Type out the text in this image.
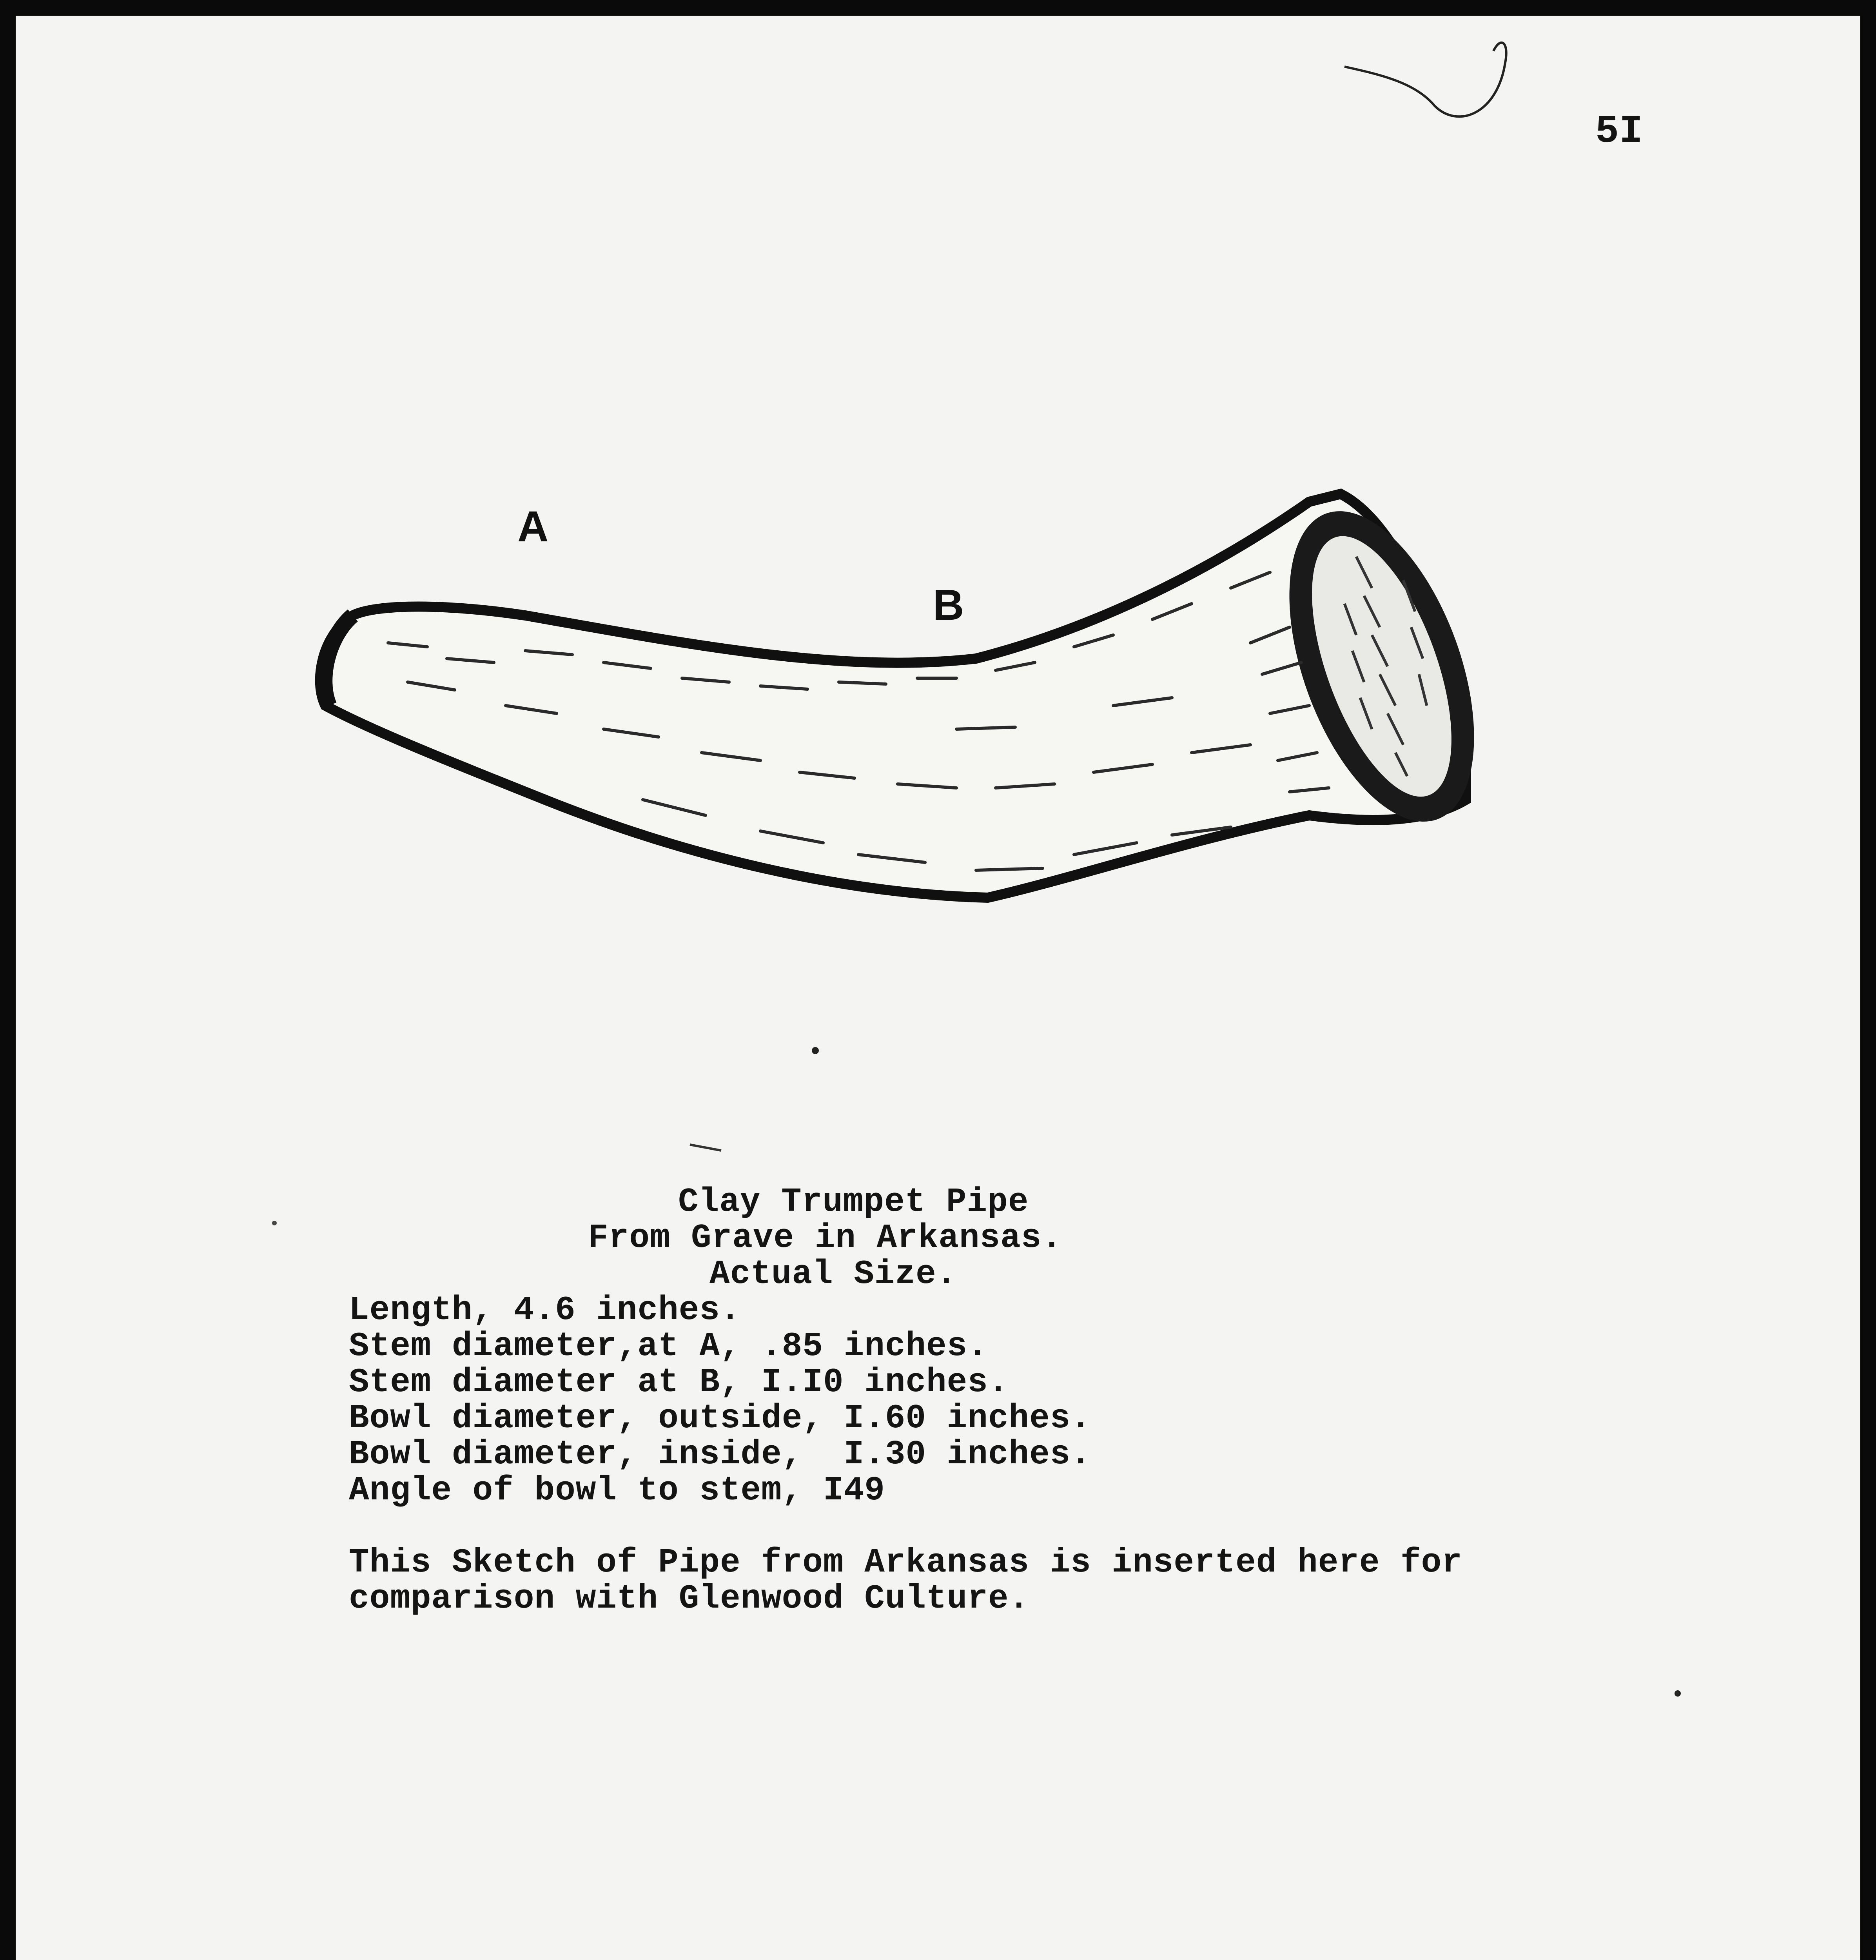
5I
A
B
Clay Trumpet Pipe
From Grave in Arkansas.
Actual Size.
Length, 4.6 inches.
Stem diameter,at A, .85 inches.
Stem diameter at B, I.I0 inches.
Bowl diameter, outside, I.60 inches.
Bowl diameter, inside,  I.30 inches.
Angle of bowl to stem, I49
This Sketch of Pipe from Arkansas is inserted here for
comparison with Glenwood Culture.
